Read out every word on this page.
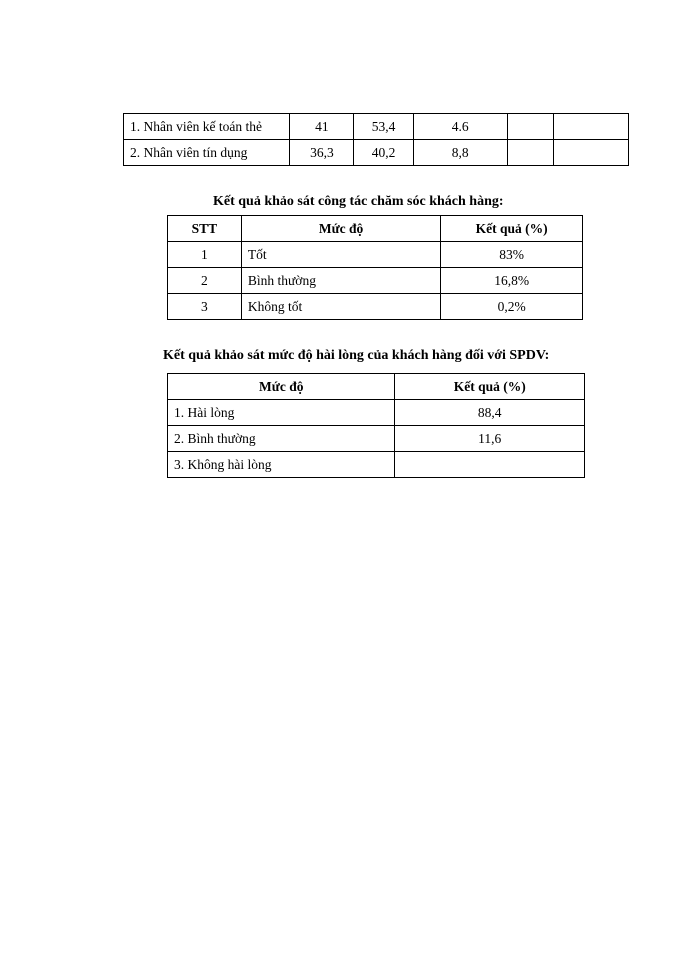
1. Nhân viên kế toán thẻ	41	53,4	4.6		
2. Nhân viên tín dụng	36,3	40,2	8,8		
Kết quả khảo sát công tác chăm sóc khách hàng:
STT	Mức độ	Kết quả (%)
1	Tốt	83%
2	Bình thường	16,8%
3	Không tốt	0,2%
Kết quả khảo sát mức độ hài lòng của khách hàng đối với SPDV:
Mức độ	Kết quả (%)
1. Hài lòng	88,4
2. Bình thường	11,6
3. Không hài lòng	
